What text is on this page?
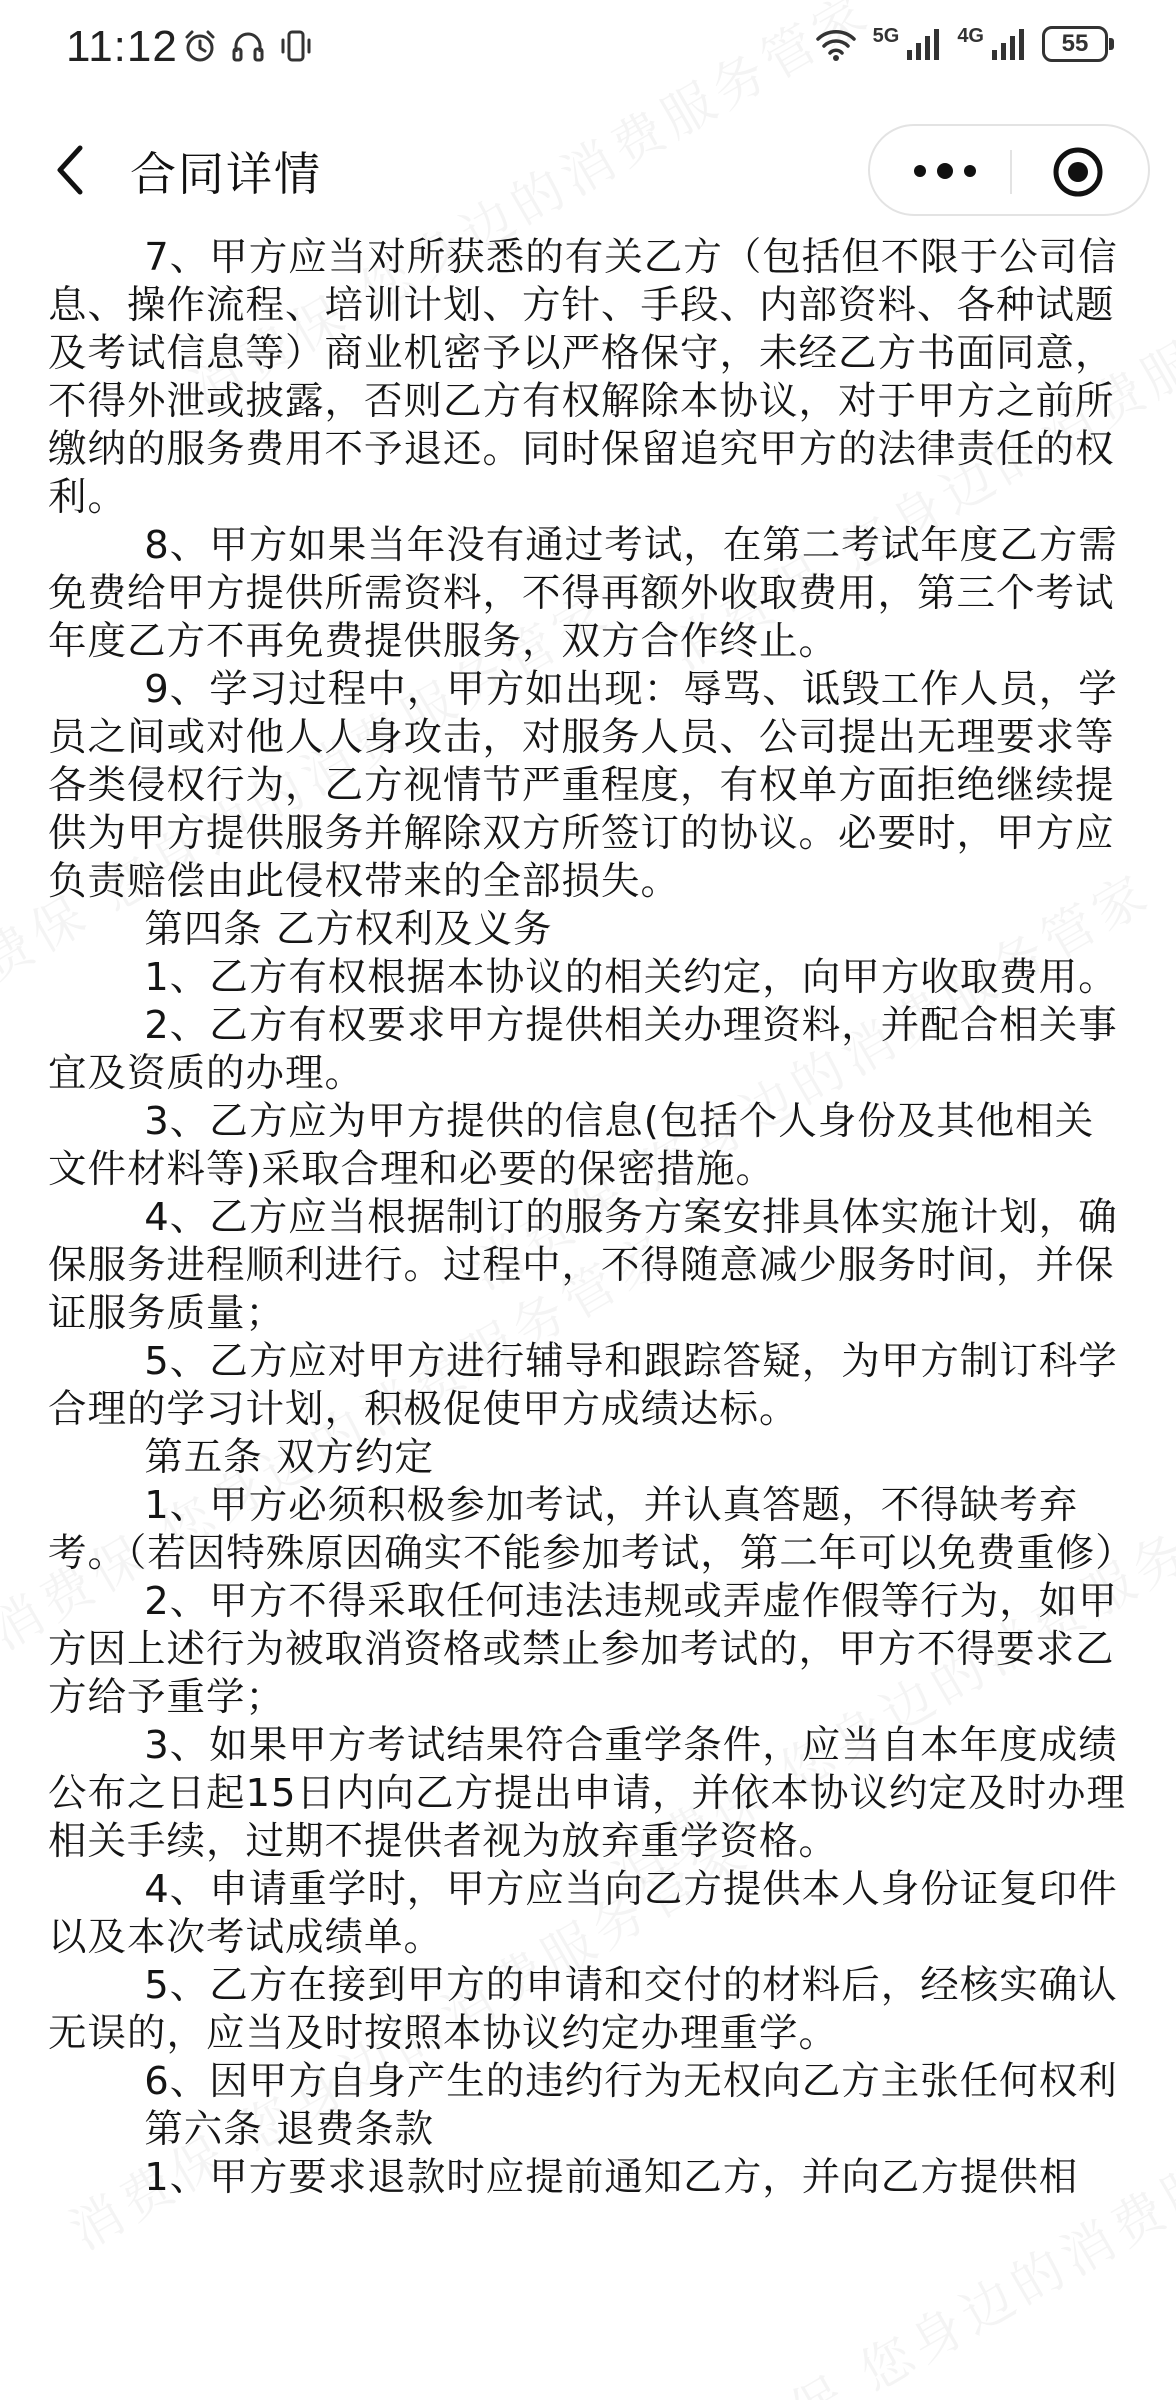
11:12	5G	4G	55
合同详情

7、甲方应当对所获悉的有关乙方（包括但不限于公司信息、操作流程、培训计划、方针、手段、内部资料、各种试题及考试信息等）商业机密予以严格保守，未经乙方书面同意，不得外泄或披露，否则乙方有权解除本协议，对于甲方之前所缴纳的服务费用不予退还。同时保留追究甲方的法律责任的权利。

8、甲方如果当年没有通过考试，在第二考试年度乙方需免费给甲方提供所需资料，不得再额外收取费用，第三个考试年度乙方不再免费提供服务，双方合作终止。

9、学习过程中，甲方如出现：辱骂、诋毁工作人员，学员之间或对他人人身攻击，对服务人员、公司提出无理要求等各类侵权行为，乙方视情节严重程度，有权单方面拒绝继续提供为甲方提供服务并解除双方所签订的协议。必要时，甲方应负责赔偿由此侵权带来的全部损失。

第四条 乙方权利及义务

1、乙方有权根据本协议的相关约定，向甲方收取费用。

2、乙方有权要求甲方提供相关办理资料，并配合相关事宜及资质的办理。

3、乙方应为甲方提供的信息(包括个人身份及其他相关文件材料等)采取合理和必要的保密措施。

4、乙方应当根据制订的服务方案安排具体实施计划，确保服务进程顺利进行。过程中，不得随意减少服务时间，并保证服务质量；

5、乙方应对甲方进行辅导和跟踪答疑，为甲方制订科学合理的学习计划，积极促使甲方成绩达标。

第五条 双方约定

1、甲方必须积极参加考试，并认真答题，不得缺考弃考。（若因特殊原因确实不能参加考试，第二年可以免费重修）

2、甲方不得采取任何违法违规或弄虚作假等行为，如甲方因上述行为被取消资格或禁止参加考试的，甲方不得要求乙方给予重学；

3、如果甲方考试结果符合重学条件，应当自本年度成绩公布之日起15日内向乙方提出申请，并依本协议约定及时办理相关手续，过期不提供者视为放弃重学资格。

4、申请重学时，甲方应当向乙方提供本人身份证复印件以及本次考试成绩单。

5、乙方在接到甲方的申请和交付的材料后，经核实确认无误的，应当及时按照本协议约定办理重学。

6、因甲方自身产生的违约行为无权向乙方主张任何权利

第六条 退费条款

1、甲方要求退款时应提前通知乙方，并向乙方提供相
